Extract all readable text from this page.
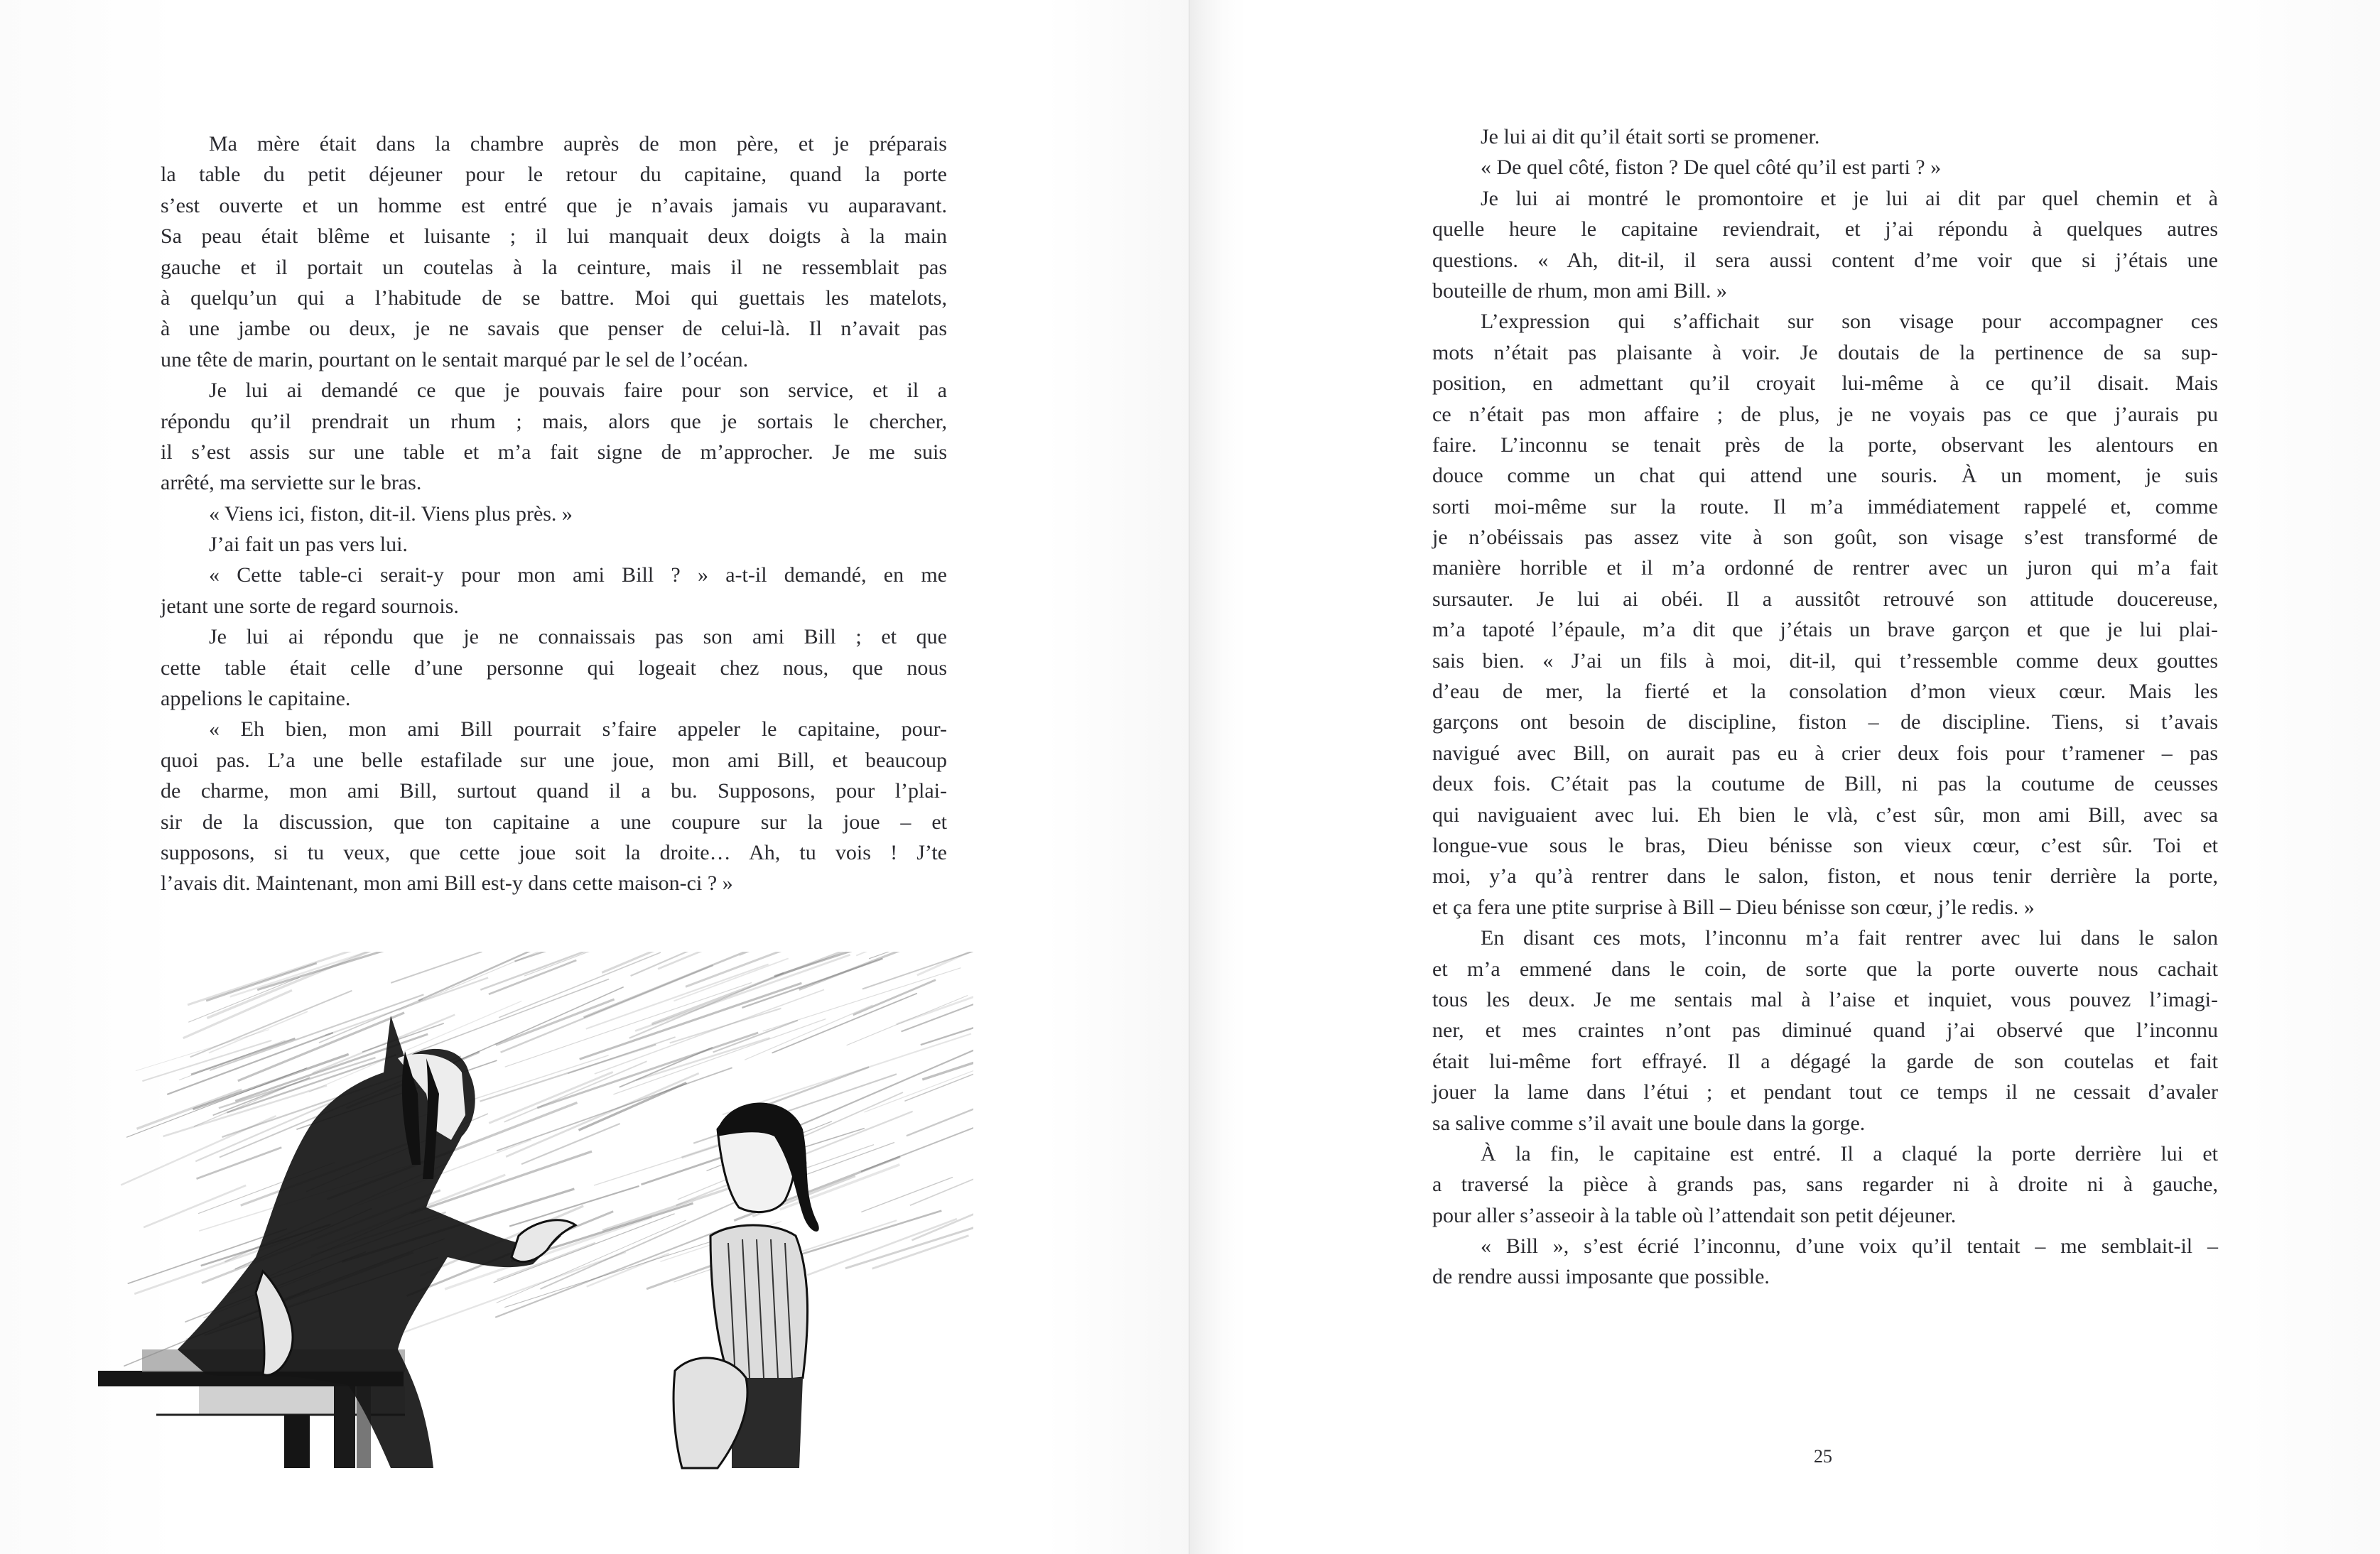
Ma mère était dans la chambre auprès de mon père, et je préparais
la table du petit déjeuner pour le retour du capitaine, quand la porte
s’est ouverte et un homme est entré que je n’avais jamais vu auparavant.
Sa peau était blême et luisante ; il lui manquait deux doigts à la main
gauche et il portait un coutelas à la ceinture, mais il ne ressemblait pas
à quelqu’un qui a l’habitude de se battre. Moi qui guettais les matelots,
à une jambe ou deux, je ne savais que penser de celui-là. Il n’avait pas
une tête de marin, pourtant on le sentait marqué par le sel de l’océan.
Je lui ai demandé ce que je pouvais faire pour son service, et il a
répondu qu’il prendrait un rhum ; mais, alors que je sortais le chercher,
il s’est assis sur une table et m’a fait signe de m’approcher. Je me suis
arrêté, ma serviette sur le bras.
« Viens ici, fiston, dit-il. Viens plus près. »
J’ai fait un pas vers lui.
« Cette table-ci serait-y pour mon ami Bill ? » a-t-il demandé, en me
jetant une sorte de regard sournois.
Je lui ai répondu que je ne connaissais pas son ami Bill ; et que
cette table était celle d’une personne qui logeait chez nous, que nous
appelions le capitaine.
« Eh bien, mon ami Bill pourrait s’faire appeler le capitaine, pour-
quoi pas. L’a une belle estafilade sur une joue, mon ami Bill, et beaucoup
de charme, mon ami Bill, surtout quand il a bu. Supposons, pour l’plai-
sir de la discussion, que ton capitaine a une coupure sur la joue – et
supposons, si tu veux, que cette joue soit la droite… Ah, tu vois ! J’te
l’avais dit. Maintenant, mon ami Bill est-y dans cette maison-ci ? »
Je lui ai dit qu’il était sorti se promener.
« De quel côté, fiston ? De quel côté qu’il est parti ? »
Je lui ai montré le promontoire et je lui ai dit par quel chemin et à
quelle heure le capitaine reviendrait, et j’ai répondu à quelques autres
questions. « Ah, dit-il, il sera aussi content d’me voir que si j’étais une
bouteille de rhum, mon ami Bill. »
L’expression qui s’affichait sur son visage pour accompagner ces
mots n’était pas plaisante à voir. Je doutais de la pertinence de sa sup-
position, en admettant qu’il croyait lui-même à ce qu’il disait. Mais
ce n’était pas mon affaire ; de plus, je ne voyais pas ce que j’aurais pu
faire. L’inconnu se tenait près de la porte, observant les alentours en
douce comme un chat qui attend une souris. À un moment, je suis
sorti moi-même sur la route. Il m’a immédiatement rappelé et, comme
je n’obéissais pas assez vite à son goût, son visage s’est transformé de
manière horrible et il m’a ordonné de rentrer avec un juron qui m’a fait
sursauter. Je lui ai obéi. Il a aussitôt retrouvé son attitude doucereuse,
m’a tapoté l’épaule, m’a dit que j’étais un brave garçon et que je lui plai-
sais bien. « J’ai un fils à moi, dit-il, qui t’ressemble comme deux gouttes
d’eau de mer, la fierté et la consolation d’mon vieux cœur. Mais les
garçons ont besoin de discipline, fiston – de discipline. Tiens, si t’avais
navigué avec Bill, on aurait pas eu à crier deux fois pour t’ramener – pas
deux fois. C’était pas la coutume de Bill, ni pas la coutume de ceusses
qui naviguaient avec lui. Eh bien le vlà, c’est sûr, mon ami Bill, avec sa
longue-vue sous le bras, Dieu bénisse son vieux cœur, c’est sûr. Toi et
moi, y’a qu’à rentrer dans le salon, fiston, et nous tenir derrière la porte,
et ça fera une ptite surprise à Bill – Dieu bénisse son cœur, j’le redis. »
En disant ces mots, l’inconnu m’a fait rentrer avec lui dans le salon
et m’a emmené dans le coin, de sorte que la porte ouverte nous cachait
tous les deux. Je me sentais mal à l’aise et inquiet, vous pouvez l’imagi-
ner, et mes craintes n’ont pas diminué quand j’ai observé que l’inconnu
était lui-même fort effrayé. Il a dégagé la garde de son coutelas et fait
jouer la lame dans l’étui ; et pendant tout ce temps il ne cessait d’avaler
sa salive comme s’il avait une boule dans la gorge.
À la fin, le capitaine est entré. Il a claqué la porte derrière lui et
a traversé la pièce à grands pas, sans regarder ni à droite ni à gauche,
pour aller s’asseoir à la table où l’attendait son petit déjeuner.
« Bill », s’est écrié l’inconnu, d’une voix qu’il tentait – me semblait-il –
de rendre aussi imposante que possible.
25
